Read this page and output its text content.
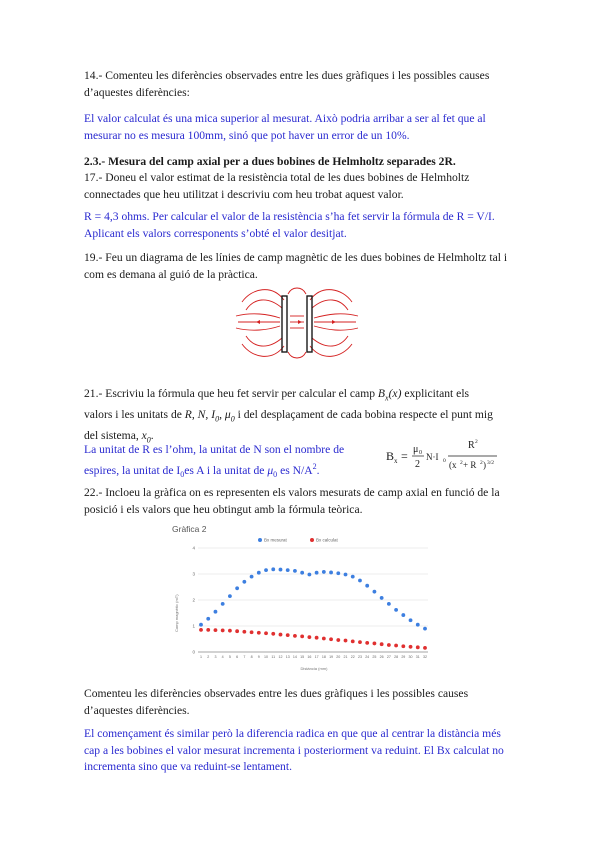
14.- Comenteu les diferències observades entre les dues gràfiques i les possibles causes d’aquestes diferències:

El valor calculat és una mica superior al mesurat. Això podria arribar a ser al fet que al mesurar no es mesura 100mm, sinó que pot haver un error de un 10%.

2.3.- Mesura del camp axial per a dues bobines de Helmholtz separades 2R.

17.- Doneu el valor estimat de la resistència total de les dues bobines de Helmholtz connectades que heu utilitzat i descriviu com heu trobat aquest valor.

R = 4,3 ohms. Per calcular el valor de la resistència s’ha fet servir la fórmula de R = V/I. Aplicant els valors corresponents s’obté el valor desitjat.

19.- Feu un diagrama de les línies de camp magnètic de les dues bobines de Helmholtz tal i com es demana al guió de la pràctica.

21.- Escriviu la fórmula que heu fet servir per calcular el camp $B_x(x)$ explicitant els
valors i les unitats de R, N, $I_0$, $\mu_0$ i del desplaçament de cada bobina respecte el punt mig
del sistema, $x_0$.

La unitat de R es l’ohm, la unitat de N son el nombre de
espires, la unitat de $I_0es$ A i la unitat de $\mu_0$ es $N/A^2$.

B x = μ 0
2
N·I 0
R 2
(x 2 + R 2 ) 3/2

22.- Incloeu la gràfica on es representen els valors mesurats de camp axial en funció de la posició i els valors que heu obtingut amb la fórmula teòrica.

Gràfica 2
Bx mesurat	Bx calculat
0
1
2
3
4
1 2 3 4 5 6 7 8 9 10 11 12 13 14 15 16 17 18 19 20 21 22 23 24 25 26 27 28 29 30 31 32
Camp magnètic (mT)
Distància (mm)

Comenteu les diferències observades entre les dues gràfiques i les possibles causes d’aquestes diferències.

El començament és similar però la diferencia radica en que que al centrar la distància més cap a les bobines el valor mesurat incrementa i posteriorment va reduint. El Bx calculat no incrementa sino que va reduint-se lentament.
